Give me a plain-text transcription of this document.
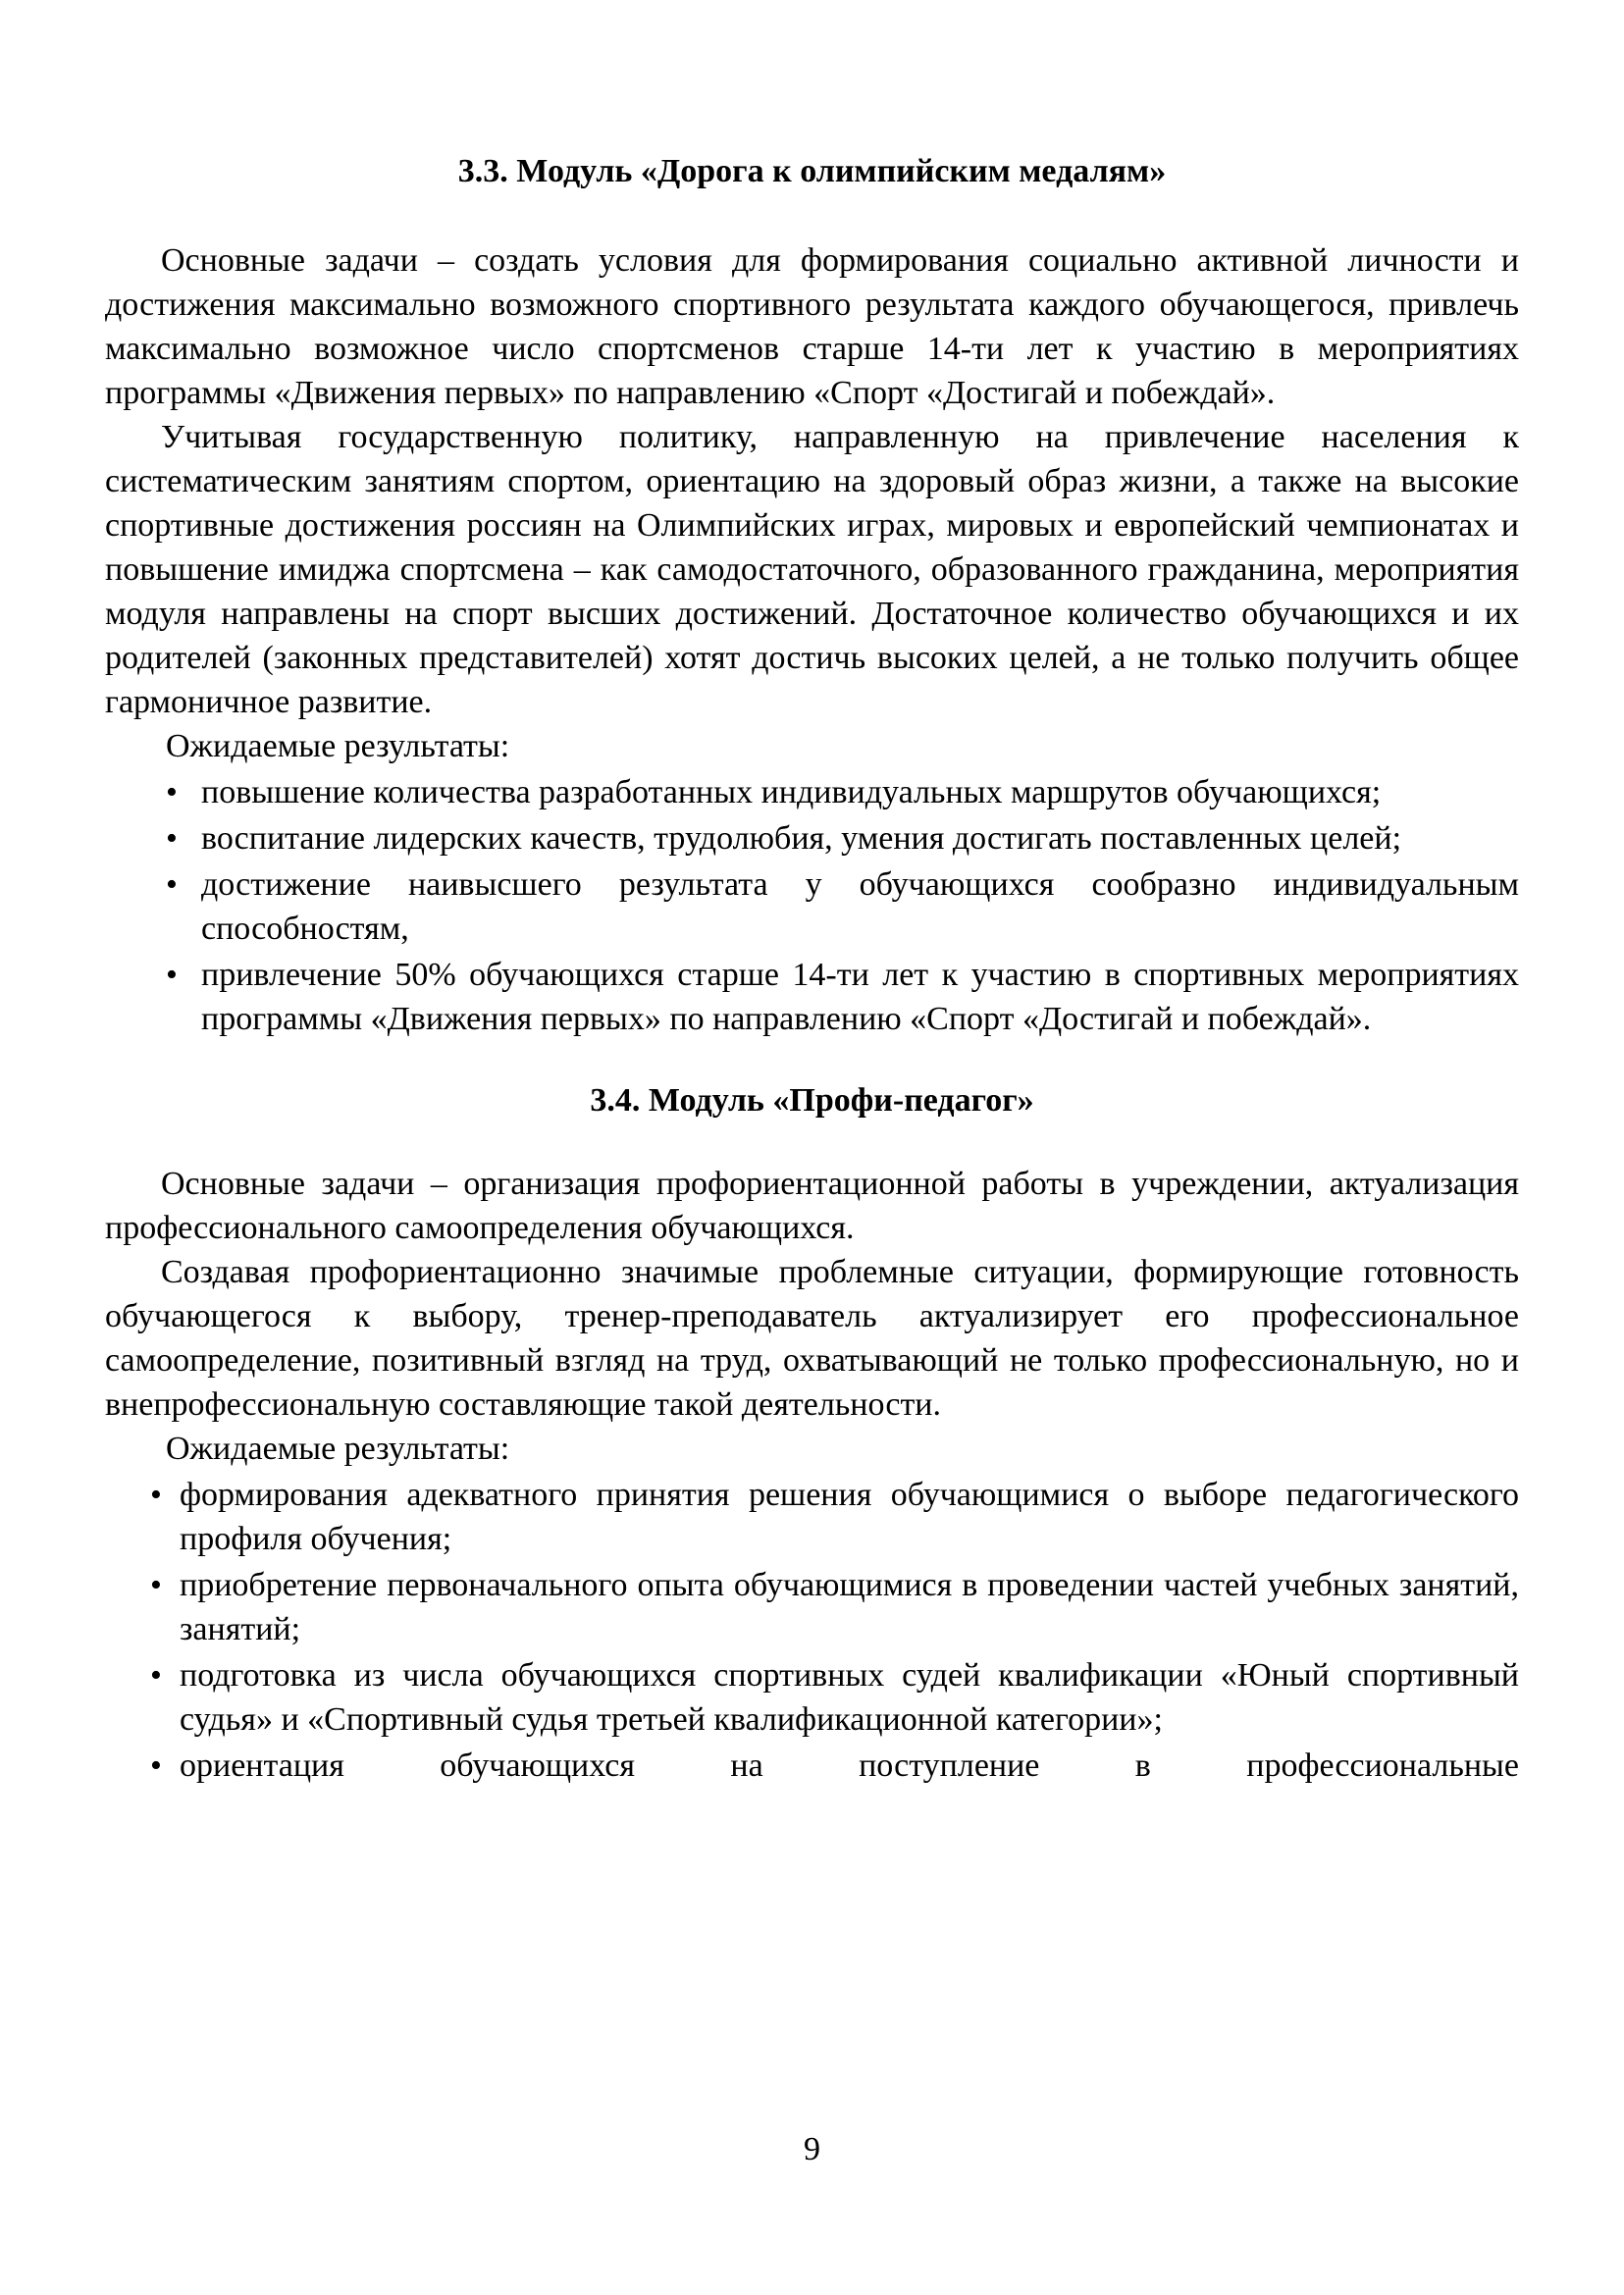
3.3. Модуль «Дорога к олимпийским медалям»

Основные задачи – создать условия для формирования социально активной личности и достижения максимально возможного спортивного результата каждого обучающегося, привлечь максимально возможное число спортсменов старше 14-ти лет к участию в мероприятиях программы «Движения первых» по направлению «Спорт «Достигай и побеждай».

Учитывая государственную политику, направленную на привлечение населения к систематическим занятиям спортом, ориентацию на здоровый образ жизни, а также на высокие спортивные достижения россиян на Олимпийских играх, мировых и европейский чемпионатах и повышение имиджа спортсмена – как самодостаточного, образованного гражданина, мероприятия модуля направлены на спорт высших достижений. Достаточное количество обучающихся и их родителей (законных представителей) хотят достичь высоких целей, а не только получить общее гармоничное развитие.

Ожидаемые результаты:

• повышение количества разработанных индивидуальных маршрутов обучающихся;
• воспитание лидерских качеств, трудолюбия, умения достигать поставленных целей;
• достижение наивысшего результата у обучающихся сообразно индивидуальным способностям,
• привлечение 50% обучающихся старше 14-ти лет к участию в спортивных мероприятиях программы «Движения первых» по направлению «Спорт «Достигай и побеждай».
3.4. Модуль «Профи-педагог»

Основные задачи – организация профориентационной работы в учреждении, актуализация профессионального самоопределения обучающихся.

Создавая профориентационно значимые проблемные ситуации, формирующие готовность обучающегося к выбору, тренер-преподаватель актуализирует его профессиональное самоопределение, позитивный взгляд на труд, охватывающий не только профессиональную, но и внепрофессиональную составляющие такой деятельности.

Ожидаемые результаты:

• формирования адекватного принятия решения обучающимися о выборе педагогического профиля обучения;
• приобретение первоначального опыта обучающимися в проведении частей учебных занятий, занятий;
• подготовка из числа обучающихся спортивных судей квалификации «Юный спортивный судья» и «Спортивный судья третьей квалификационной категории»;
• ориентация обучающихся на поступление в профессиональные
9
